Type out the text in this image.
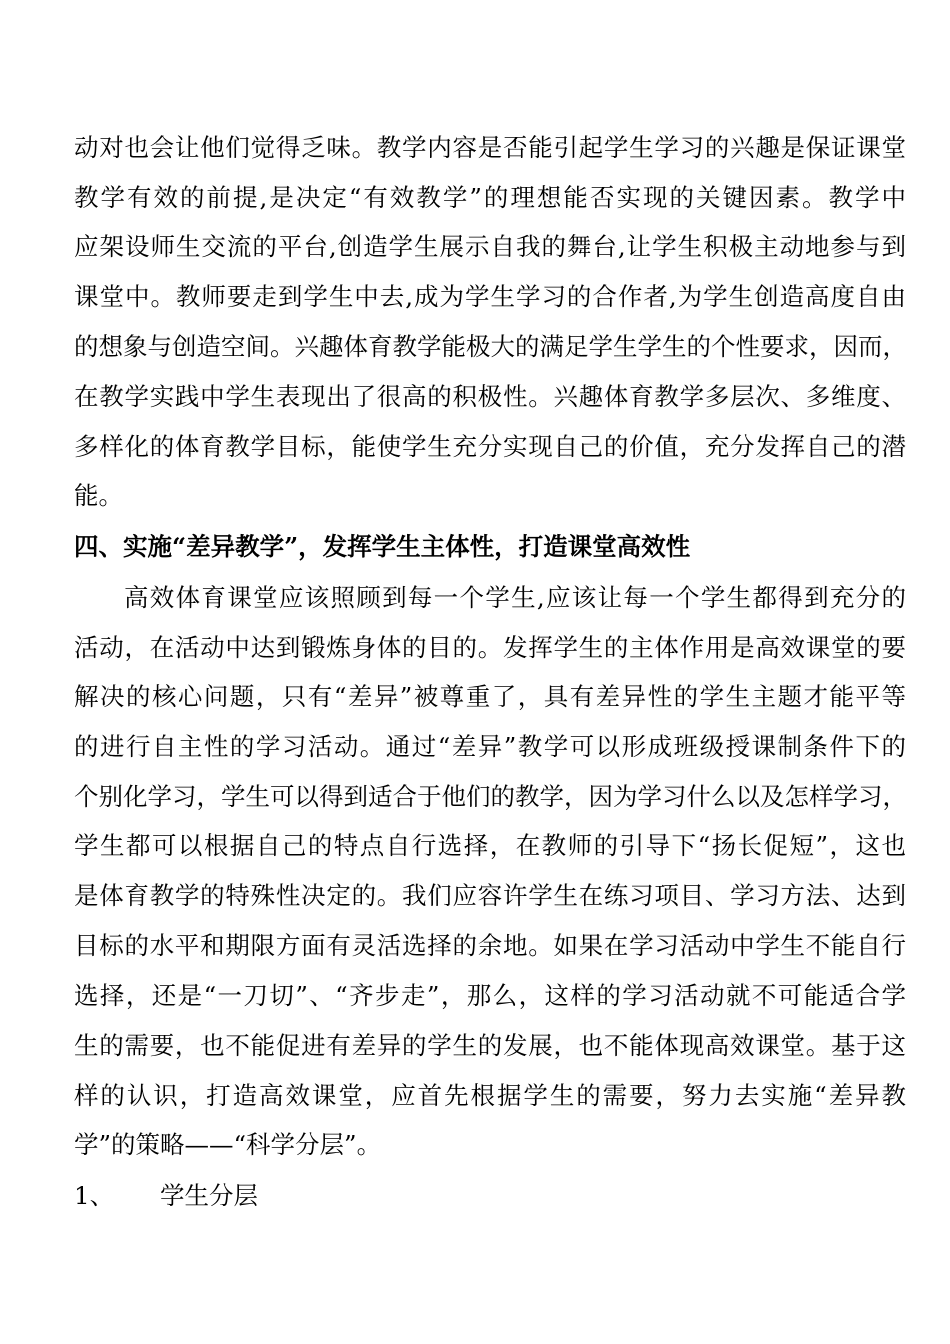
动对也会让他们觉得乏味。教学内容是否能引起学生学习的兴趣是保证课堂
教学有效的前提,是决定“有效教学”的理想能否实现的关键因素。教学中
应架设师生交流的平台,创造学生展示自我的舞台,让学生积极主动地参与到
课堂中。教师要走到学生中去,成为学生学习的合作者,为学生创造高度自由
的想象与创造空间。兴趣体育教学能极大的满足学生学生的个性要求，因而，
在教学实践中学生表现出了很高的积极性。兴趣体育教学多层次、多维度、
多样化的体育教学目标，能使学生充分实现自己的价值，充分发挥自己的潜
能。
四、实施“差异教学”，发挥学生主体性，打造课堂高效性
高效体育课堂应该照顾到每一个学生,应该让每一个学生都得到充分的
活动，在活动中达到锻炼身体的目的。发挥学生的主体作用是高效课堂的要
解决的核心问题，只有“差异”被尊重了，具有差异性的学生主题才能平等
的进行自主性的学习活动。通过“差异”教学可以形成班级授课制条件下的
个别化学习，学生可以得到适合于他们的教学，因为学习什么以及怎样学习，
学生都可以根据自己的特点自行选择，在教师的引导下“扬长促短”，这也
是体育教学的特殊性决定的。我们应容许学生在练习项目、学习方法、达到
目标的水平和期限方面有灵活选择的余地。如果在学习活动中学生不能自行
选择，还是“一刀切”、“齐步走”，那么，这样的学习活动就不可能适合学
生的需要，也不能促进有差异的学生的发展，也不能体现高效课堂。基于这
样的认识，打造高效课堂，应首先根据学生的需要，努力去实施“差异教
学”的策略——“科学分层”。
1、 学生分层
